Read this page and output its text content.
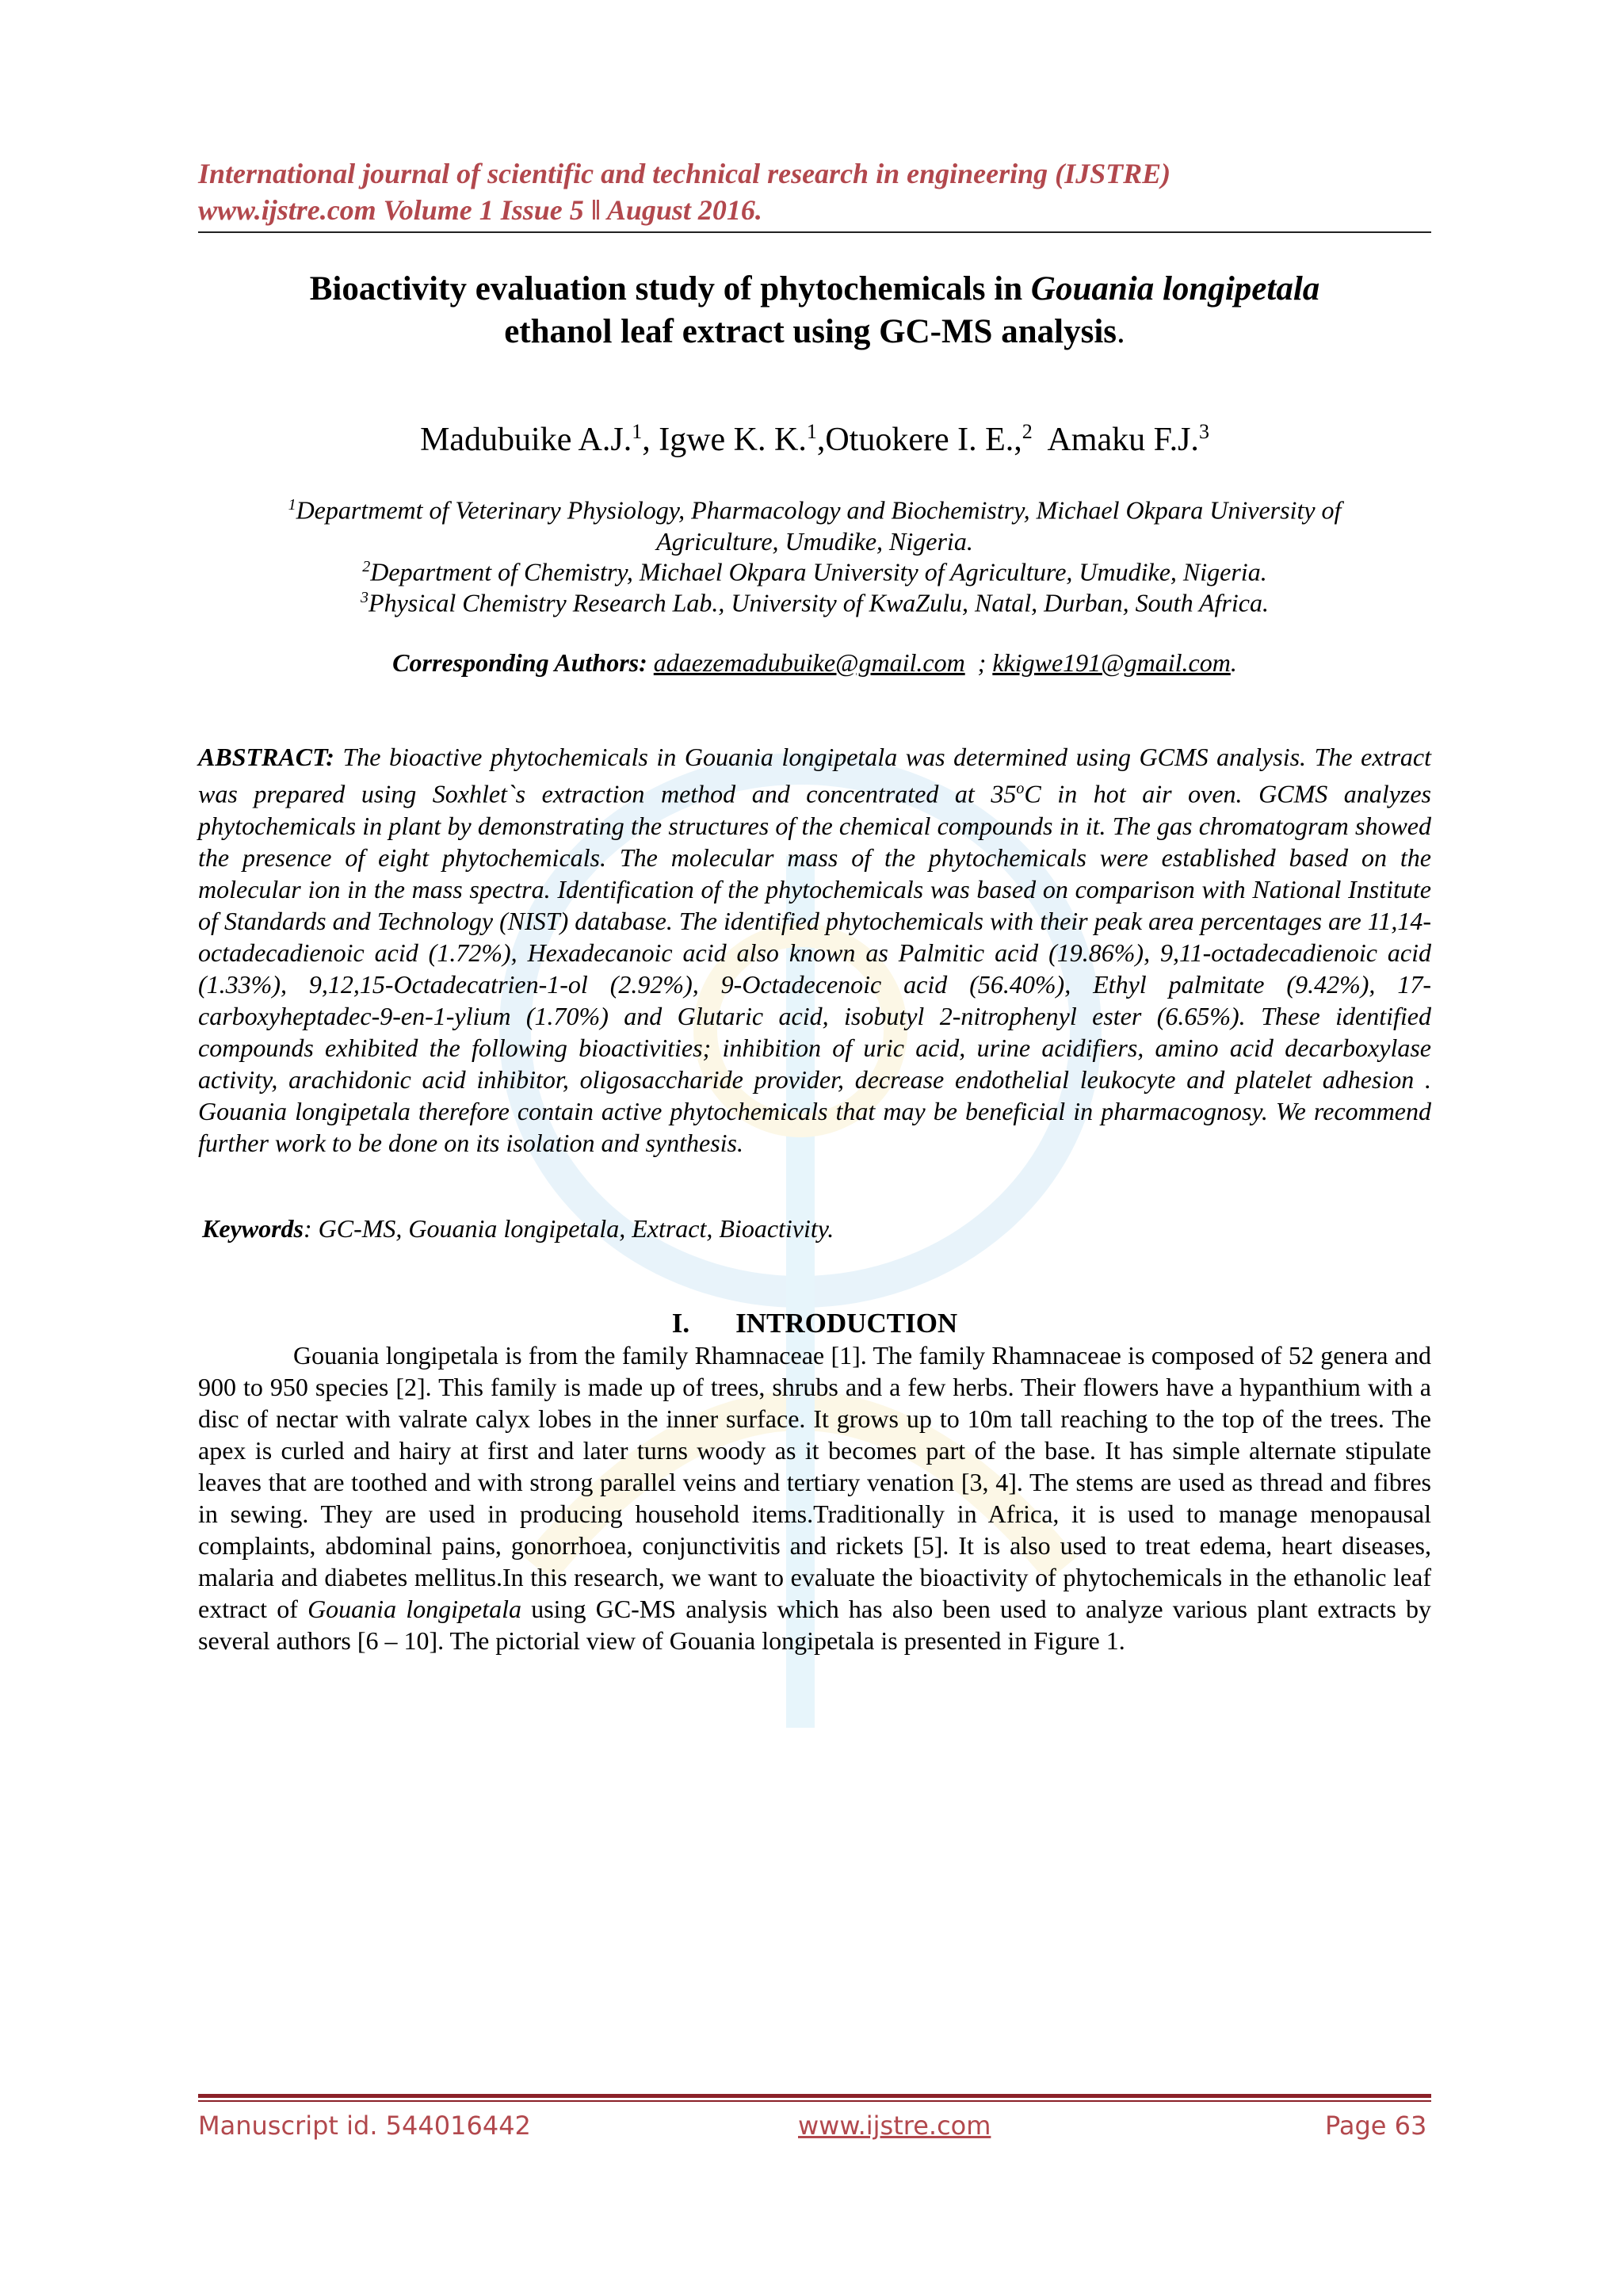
International journal of scientific and technical research in engineering (IJSTRE)
www.ijstre.com Volume 1 Issue 5 ǁ August 2016.
Bioactivity evaluation study of phytochemicals in Gouania longipetala
ethanol leaf extract using GC-MS analysis.
Madubuike A.J.$^1$, Igwe K. K.$^1$,Otuokere I. E.,$^2$  Amaku F.J.$^3$
$^1$Departmemt of Veterinary Physiology, Pharmacology and Biochemistry, Michael Okpara University of
Agriculture, Umudike, Nigeria.
$^2$Department of Chemistry, Michael Okpara University of Agriculture, Umudike, Nigeria.
$^3$Physical Chemistry Research Lab., University of KwaZulu, Natal, Durban, South Africa.
Corresponding Authors: adaezemadubuike@gmail.com  ; kkigwe191@gmail.com.
ABSTRACT: The bioactive phytochemicals in Gouania longipetala was determined using GCMS analysis. The extract was prepared using Soxhlet`s extraction method and concentrated at 35$^o$C in hot air oven. GCMS analyzes phytochemicals in plant by demonstrating the structures of the chemical compounds in it. The gas chromatogram showed the presence of eight phytochemicals. The molecular mass of the phytochemicals were established based on the molecular ion in the mass spectra. Identification of the phytochemicals was based on comparison with National Institute of Standards and Technology (NIST) database. The identified phytochemicals with their peak area percentages are 11,14-octadecadienoic acid (1.72%), Hexadecanoic acid also known as Palmitic acid (19.86%), 9,11-octadecadienoic acid (1.33%), 9,12,15-Octadecatrien-1-ol (2.92%), 9-Octadecenoic acid (56.40%), Ethyl palmitate (9.42%), 17-carboxyheptadec-9-en-1-ylium (1.70%) and Glutaric acid, isobutyl 2-nitrophenyl ester (6.65%). These identified compounds exhibited the following bioactivities; inhibition of uric acid, urine acidifiers, amino acid decarboxylase activity, arachidonic acid inhibitor, oligosaccharide provider, decrease endothelial leukocyte and platelet adhesion . Gouania longipetala therefore contain active phytochemicals that may be beneficial in pharmacognosy. We recommend further work to be done on its isolation and synthesis.
Keywords: GC-MS, Gouania longipetala, Extract, Bioactivity.
I. INTRODUCTION
Gouania longipetala is from the family Rhamnaceae [1]. The family Rhamnaceae is composed of 52 genera and 900 to 950 species [2]. This family is made up of trees, shrubs and a few herbs. Their flowers have a hypanthium with a disc of nectar with valrate calyx lobes in the inner surface. It grows up to 10m tall reaching to the top of the trees. The apex is curled and hairy at first and later turns woody as it becomes part of the base. It has simple alternate stipulate leaves that are toothed and with strong parallel veins and tertiary venation [3, 4]. The stems are used as thread and fibres in sewing. They are used in producing household items.Traditionally in Africa, it is used to manage menopausal complaints, abdominal pains, gonorrhoea, conjunctivitis and rickets [5]. It is also used to treat edema, heart diseases, malaria and diabetes mellitus.In this research, we want to evaluate the bioactivity of phytochemicals in the ethanolic leaf extract of Gouania longipetala using GC-MS analysis which has also been used to analyze various plant extracts by several authors [6 – 10]. The pictorial view of Gouania longipetala is presented in Figure 1.
Manuscript id. 544016442	www.ijstre.com	Page 63
